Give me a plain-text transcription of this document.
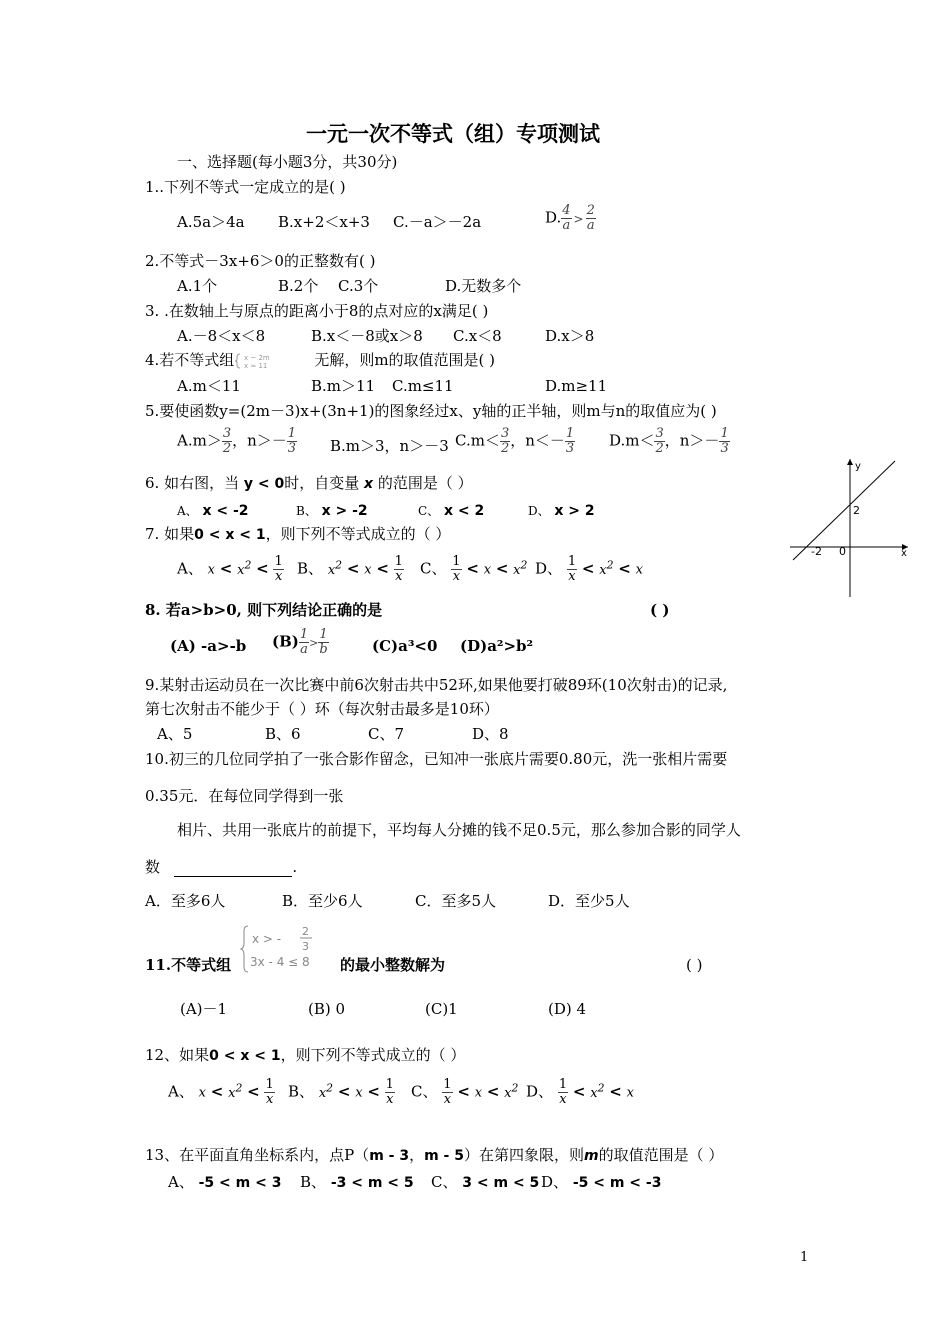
一元一次不等式（组）专项测试
一、选择题(每小题3分，共30分)
1..下列不等式一定成立的是( )
A.5a＞4a B.x+2＜x+3 C.－a＞－2a	D. $\frac{4}{a} > \frac{2}{a}$
2.不等式－3x+6＞0的正整数有( )
A.1个	B.2个 C.3个	D.无数多个
3. .在数轴上与原点的距离小于8的点对应的x满足( )
A.－8＜x＜8	B.x＜－8或x＞8 C.x＜8	D.x＞8
4.若不等式组 x ~ 2m
x ≈ 11	无解，则m的取值范围是( )
A.m＜11	B.m＞11 C.m≤11	D.m≥11
5.要使函数y=(2m－3)x+(3n+1)的图象经过x、y轴的正半轴，则m与n的取值应为( )
$A.m> \frac{3}{2}$ ，$n>- \frac{1}{3} B.m>3$，n＞－3 $C.m< \frac{3}{2}$ ，$n<- \frac{1}{3} D.m< \frac{3}{2}$ ，$n>- \frac{1}{3}$
6. 如右图，当 y < 0时，自变量 x 的范围是（ ）
A、 x < -2	B、 x > -2	C、 x < 2	D、 x > 2
x
y
0
2
-2
7. 如果0 < x < 1，则下列不等式成立的（ ）
A、 $x < x^2 < \frac{1}{x}$ B、 $x^2 < x < \frac{1}{x}$ C、 $\frac{1}{x} < x < x^2$ D、 $\frac{1}{x} < x^2 < x$
8. 若a>b>0, 则下列结论正确的是	( )
(A) -a>-b $(B) \frac{1}{a} > \frac{1}{b}$	(C)a³<0 (D)a²>b²
9.某射击运动员在一次比赛中前6次射击共中52环,如果他要打破89环(10次射击)的记录,
第七次射击不能少于（ ）环（每次射击最多是10环）
A、5	B、6	C、7	D、8
10.初三的几位同学拍了一张合影作留念，已知冲一张底片需要0.80元，洗一张相片需要
0.35元．在每位同学得到一张
相片、共用一张底片的前提下，平均每人分摊的钱不足0.5元，那么参加合影的同学人
数	.
A．至多6人	B．至少6人	C．至多5人	D．至少5人
x > -
2
3
3x - 4 ≤ 8
11.不等式组	的最小整数解为	( )
(A)－1	(B) 0	(C)1	(D) 4
12、如果0 < x < 1，则下列不等式成立的（ ）
A、 $x < x^2 < \frac{1}{x}$ B、 $x^2 < x < \frac{1}{x}$ C、 $\frac{1}{x} < x < x^2$ D、 $\frac{1}{x} < x^2 < x$
13、在平面直角坐标系内，点P（m - 3，m - 5）在第四象限，则m的取值范围是（ ）
A、 -5 < m < 3 B、 -3 < m < 5 C、 3 < m < 5 D、 -5 < m < -3
1
